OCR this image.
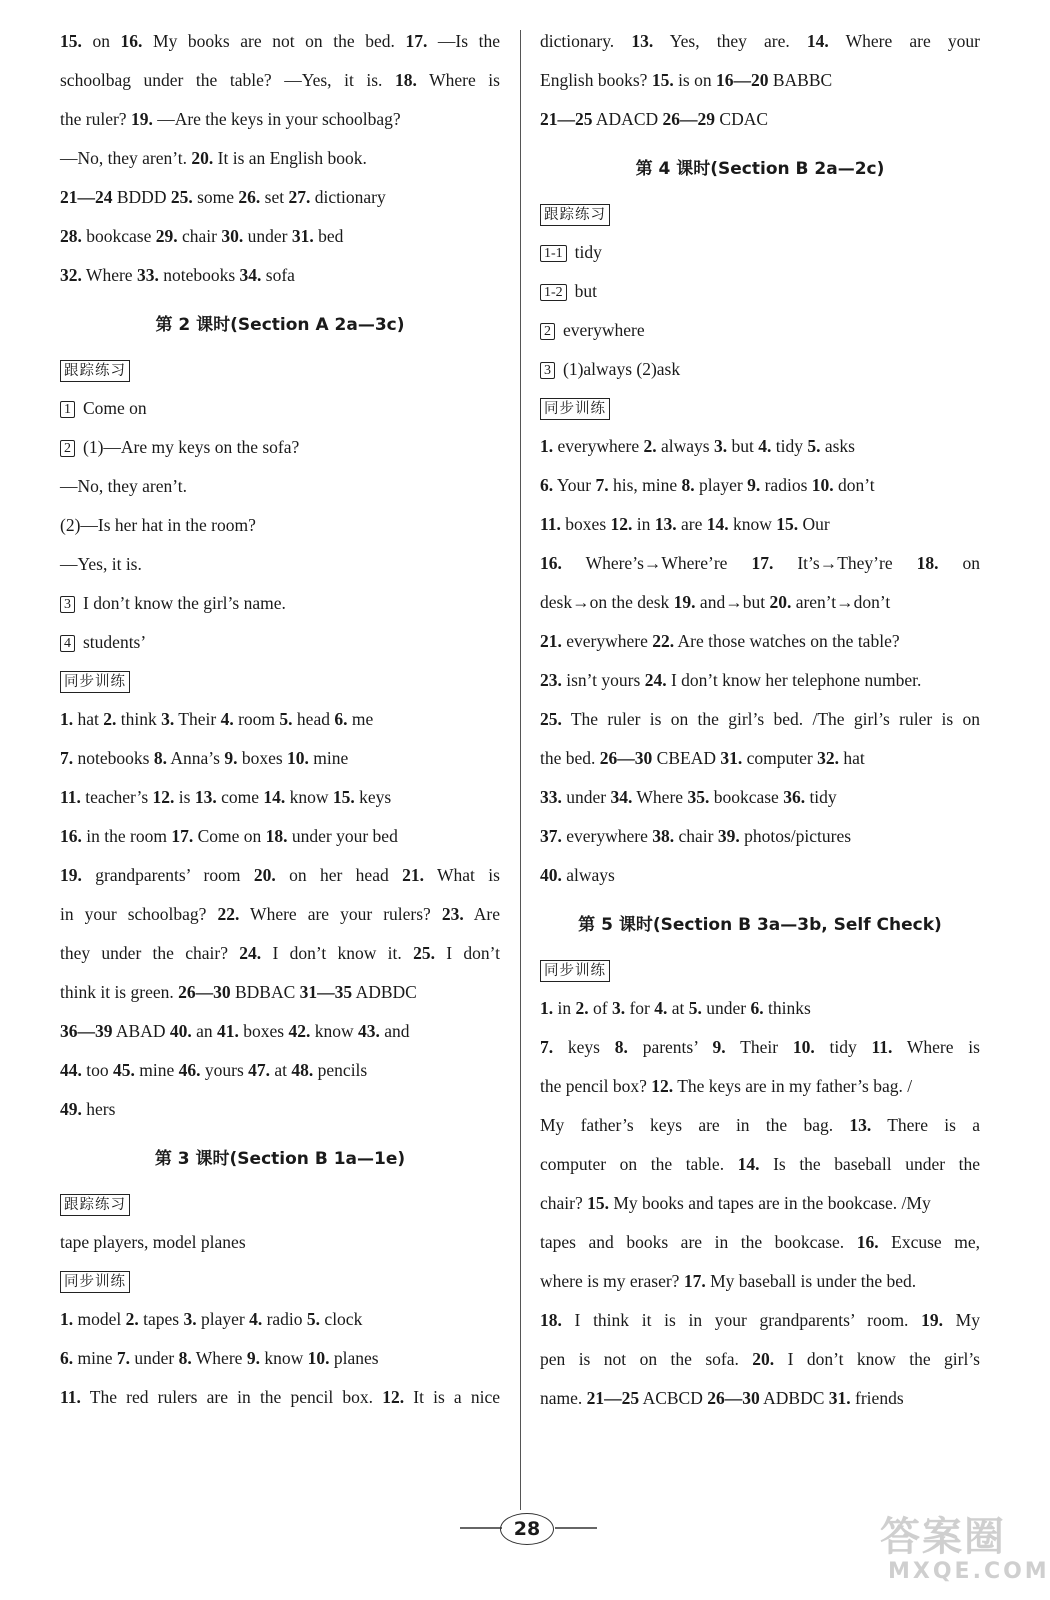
15. on 16. My books are not on the bed. 17. —Is the
schoolbag under the table? —Yes, it is. 18. Where is
the ruler? 19. —Are the keys in your schoolbag?
—No, they aren’t. 20. It is an English book.
21—24 BDDD 25. some 26. set 27. dictionary
28. bookcase 29. chair 30. under 31. bed
32. Where 33. notebooks 34. sofa
第 2 课时(Section A 2a—3c)
跟踪练习
1 Come on
2 (1)—Are my keys on the sofa?
—No, they aren’t.
(2)—Is her hat in the room?
—Yes, it is.
3 I don’t know the girl’s name.
4 students’
同步训练
1. hat 2. think 3. Their 4. room 5. head 6. me
7. notebooks 8. Anna’s 9. boxes 10. mine
11. teacher’s 12. is 13. come 14. know 15. keys
16. in the room 17. Come on 18. under your bed
19. grandparents’ room 20. on her head 21. What is
in your schoolbag? 22. Where are your rulers? 23. Are
they under the chair? 24. I don’t know it. 25. I don’t
think it is green. 26—30 BDBAC 31—35 ADBDC
36—39 ABAD 40. an 41. boxes 42. know 43. and
44. too 45. mine 46. yours 47. at 48. pencils
49. hers
第 3 课时(Section B 1a—1e)
跟踪练习
tape players, model planes
同步训练
1. model 2. tapes 3. player 4. radio 5. clock
6. mine 7. under 8. Where 9. know 10. planes
11. The red rulers are in the pencil box. 12. It is a nice
dictionary. 13. Yes, they are. 14. Where are your
English books? 15. is on 16—20 BABBC
21—25 ADACD 26—29 CDAC
第 4 课时(Section B 2a—2c)
跟踪练习
1-1 tidy
1-2 but
2 everywhere
3 (1)always (2)ask
同步训练
1. everywhere 2. always 3. but 4. tidy 5. asks
6. Your 7. his, mine 8. player 9. radios 10. don’t
11. boxes 12. in 13. are 14. know 15. Our
16. Where’s→Where’re 17. It’s→They’re 18. on
desk→on the desk 19. and→but 20. aren’t→don’t
21. everywhere 22. Are those watches on the table?
23. isn’t yours 24. I don’t know her telephone number.
25. The ruler is on the girl’s bed. /The girl’s ruler is on
the bed. 26—30 CBEAD 31. computer 32. hat
33. under 34. Where 35. bookcase 36. tidy
37. everywhere 38. chair 39. photos/pictures
40. always
第 5 课时(Section B 3a—3b, Self Check)
同步训练
1. in 2. of 3. for 4. at 5. under 6. thinks
7. keys 8. parents’ 9. Their 10. tidy 11. Where is
the pencil box? 12. The keys are in my father’s bag. /
My father’s keys are in the bag. 13. There is a
computer on the table. 14. Is the baseball under the
chair? 15. My books and tapes are in the bookcase. /My
tapes and books are in the bookcase. 16. Excuse me,
where is my eraser? 17. My baseball is under the bed.
18. I think it is in your grandparents’ room. 19. My
pen is not on the sofa. 20. I don’t know the girl’s
name. 21—25 ACBCD 26—30 ADBDC 31. friends
28	答案圈
MXQE.COM
